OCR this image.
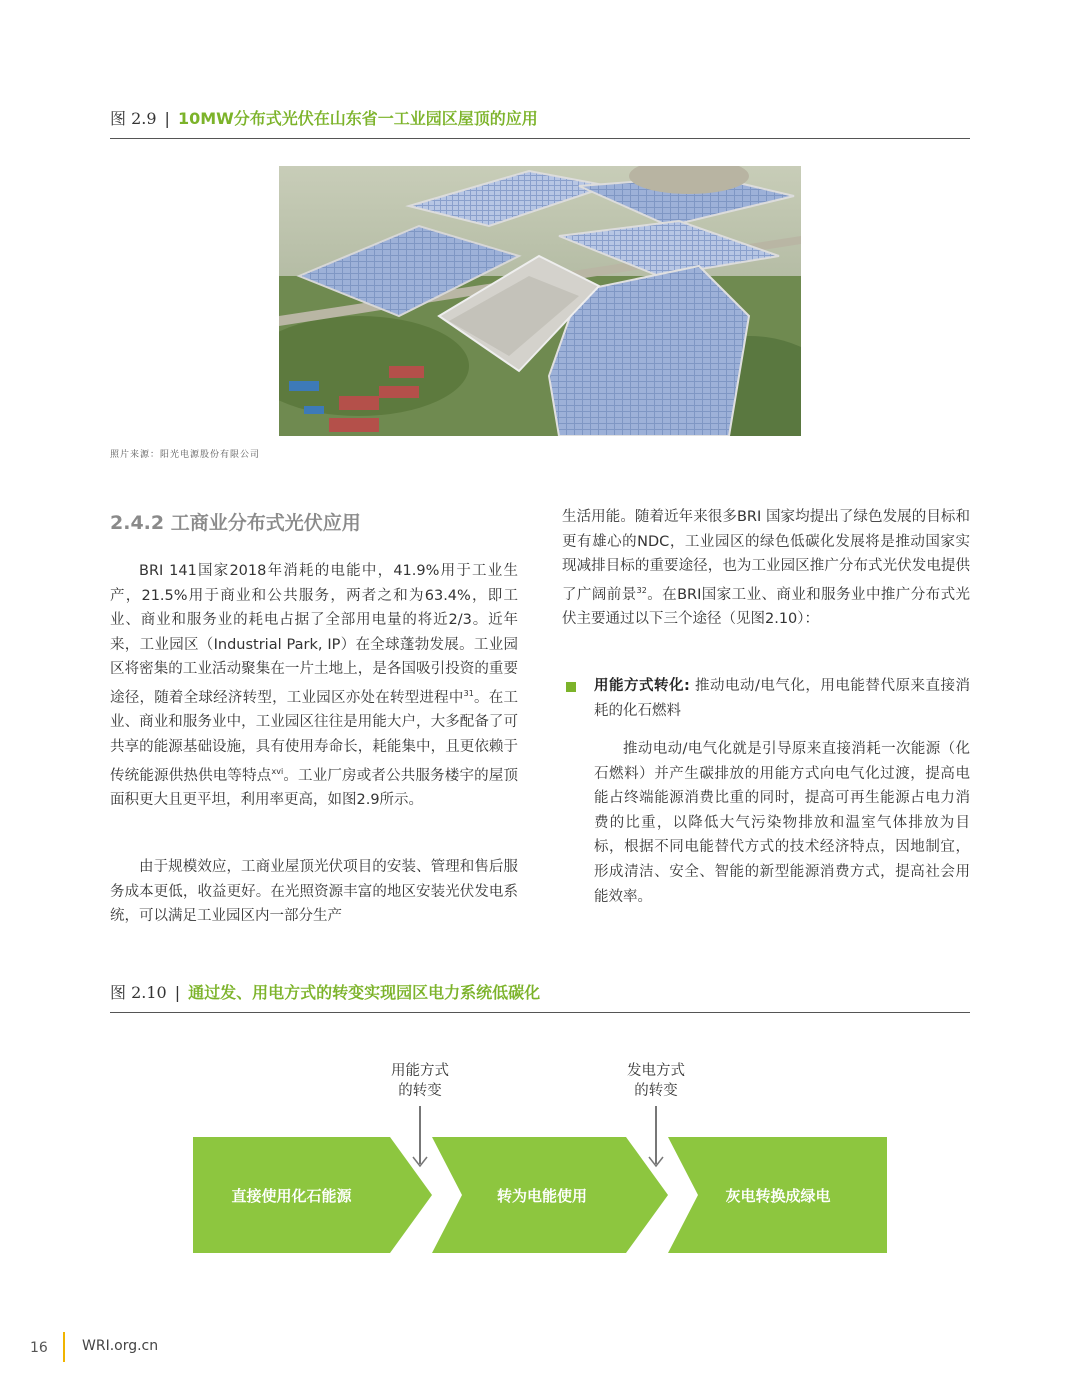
图 2.9 | 10MW分布式光伏在山东省一工业园区屋顶的应用
照片来源：阳光电源股份有限公司
2.4.2 工商业分布式光伏应用

BRI 141国家2018年消耗的电能中，41.9%用于工业生产，21.5%用于商业和公共服务，两者之和为63.4%，即工业、商业和服务业的耗电占据了全部用电量的将近2/3。近年来，工业园区（Industrial Park, IP）在全球蓬勃发展。工业园区将密集的工业活动聚集在一片土地上，是各国吸引投资的重要途径，随着全球经济转型，工业园区亦处在转型进程中$^{31}$。在工业、商业和服务业中，工业园区往往是用能大户，大多配备了可共享的能源基础设施，具有使用寿命长，耗能集中，且更依赖于传统能源供热供电等特点$^{xvi}$。工业厂房或者公共服务楼宇的屋顶面积更大且更平坦，利用率更高，如图2.9所示。

由于规模效应，工商业屋顶光伏项目的安装、管理和售后服务成本更低，收益更好。在光照资源丰富的地区安装光伏发电系统，可以满足工业园区内一部分生产

生活用能。随着近年来很多BRI 国家均提出了绿色发展的目标和更有雄心的NDC，工业园区的绿色低碳化发展将是推动国家实现减排目标的重要途径，也为工业园区推广分布式光伏发电提供了广阔前景$^{32}$。在BRI国家工业、商业和服务业中推广分布式光伏主要通过以下三个途径（见图2.10）：

用能方式转化: 推动电动/电气化，用电能替代原来直接消耗的化石燃料

推动电动/电气化就是引导原来直接消耗一次能源（化石燃料）并产生碳排放的用能方式向电气化过渡，提高电能占终端能源消费比重的同时，提高可再生能源占电力消费的比重，以降低大气污染物排放和温室气体排放为目标，根据不同电能替代方式的技术经济特点，因地制宜，形成清洁、安全、智能的新型能源消费方式，提高社会用能效率。

图 2.10 | 通过发、用电方式的转变实现园区电力系统低碳化
用能方式
的转变
发电方式
的转变
直接使用化石能源	转为电能使用	灰电转换成绿电
16 WRI.org.cn
